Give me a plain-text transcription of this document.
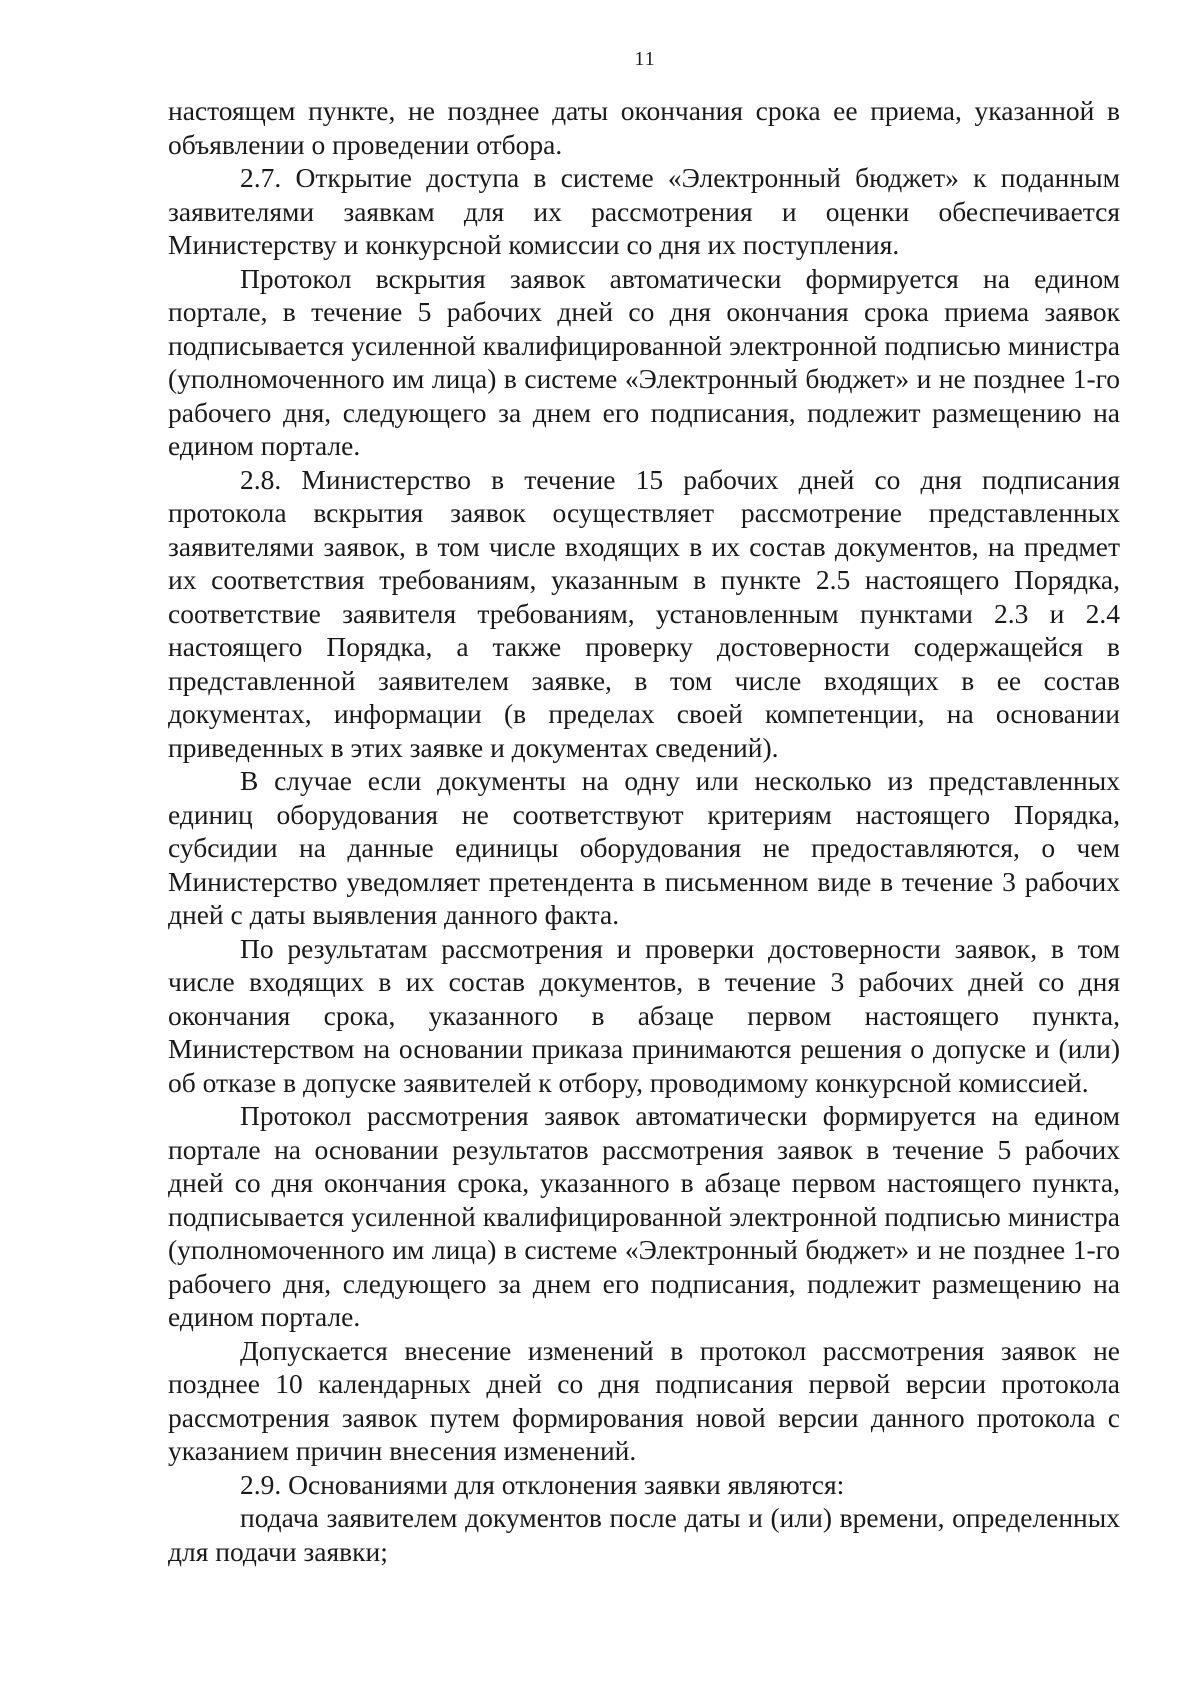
11

настоящем пункте, не позднее даты окончания срока ее приема, указанной в объявлении о проведении отбора.

2.7. Открытие доступа в системе «Электронный бюджет» к поданным заявителями заявкам для их рассмотрения и оценки обеспечивается Министерству и конкурсной комиссии со дня их поступления.

Протокол вскрытия заявок автоматически формируется на едином портале, в течение 5 рабочих дней со дня окончания срока приема заявок подписывается усиленной квалифицированной электронной подписью министра (уполномоченного им лица) в системе «Электронный бюджет» и не позднее 1-го рабочего дня, следующего за днем его подписания, подлежит размещению на едином портале.

2.8. Министерство в течение 15 рабочих дней со дня подписания протокола вскрытия заявок осуществляет рассмотрение представленных заявителями заявок, в том числе входящих в их состав документов, на предмет их соответствия требованиям, указанным в пункте 2.5 настоящего Порядка, соответствие заявителя требованиям, установленным пунктами 2.3 и 2.4 настоящего Порядка, а также проверку достоверности содержащейся в представленной заявителем заявке, в том числе входящих в ее состав документах, информации (в пределах своей компетенции, на основании приведенных в этих заявке и документах сведений).

В случае если документы на одну или несколько из представленных единиц оборудования не соответствуют критериям настоящего Порядка, субсидии на данные единицы оборудования не предоставляются, о чем Министерство уведомляет претендента в письменном виде в течение 3 рабочих дней с даты выявления данного факта.

По результатам рассмотрения и проверки достоверности заявок, в том числе входящих в их состав документов, в течение 3 рабочих дней со дня окончания срока, указанного в абзаце первом настоящего пункта, Министерством на основании приказа принимаются решения о допуске и (или) об отказе в допуске заявителей к отбору, проводимому конкурсной комиссией.

Протокол рассмотрения заявок автоматически формируется на едином портале на основании результатов рассмотрения заявок в течение 5 рабочих дней со дня окончания срока, указанного в абзаце первом настоящего пункта, подписывается усиленной квалифицированной электронной подписью министра (уполномоченного им лица) в системе «Электронный бюджет» и не позднее 1-го рабочего дня, следующего за днем его подписания, подлежит размещению на едином портале.

Допускается внесение изменений в протокол рассмотрения заявок не позднее 10 календарных дней со дня подписания первой версии протокола рассмотрения заявок путем формирования новой версии данного протокола с указанием причин внесения изменений.

2.9. Основаниями для отклонения заявки являются:

подача заявителем документов после даты и (или) времени, определенных для подачи заявки;
